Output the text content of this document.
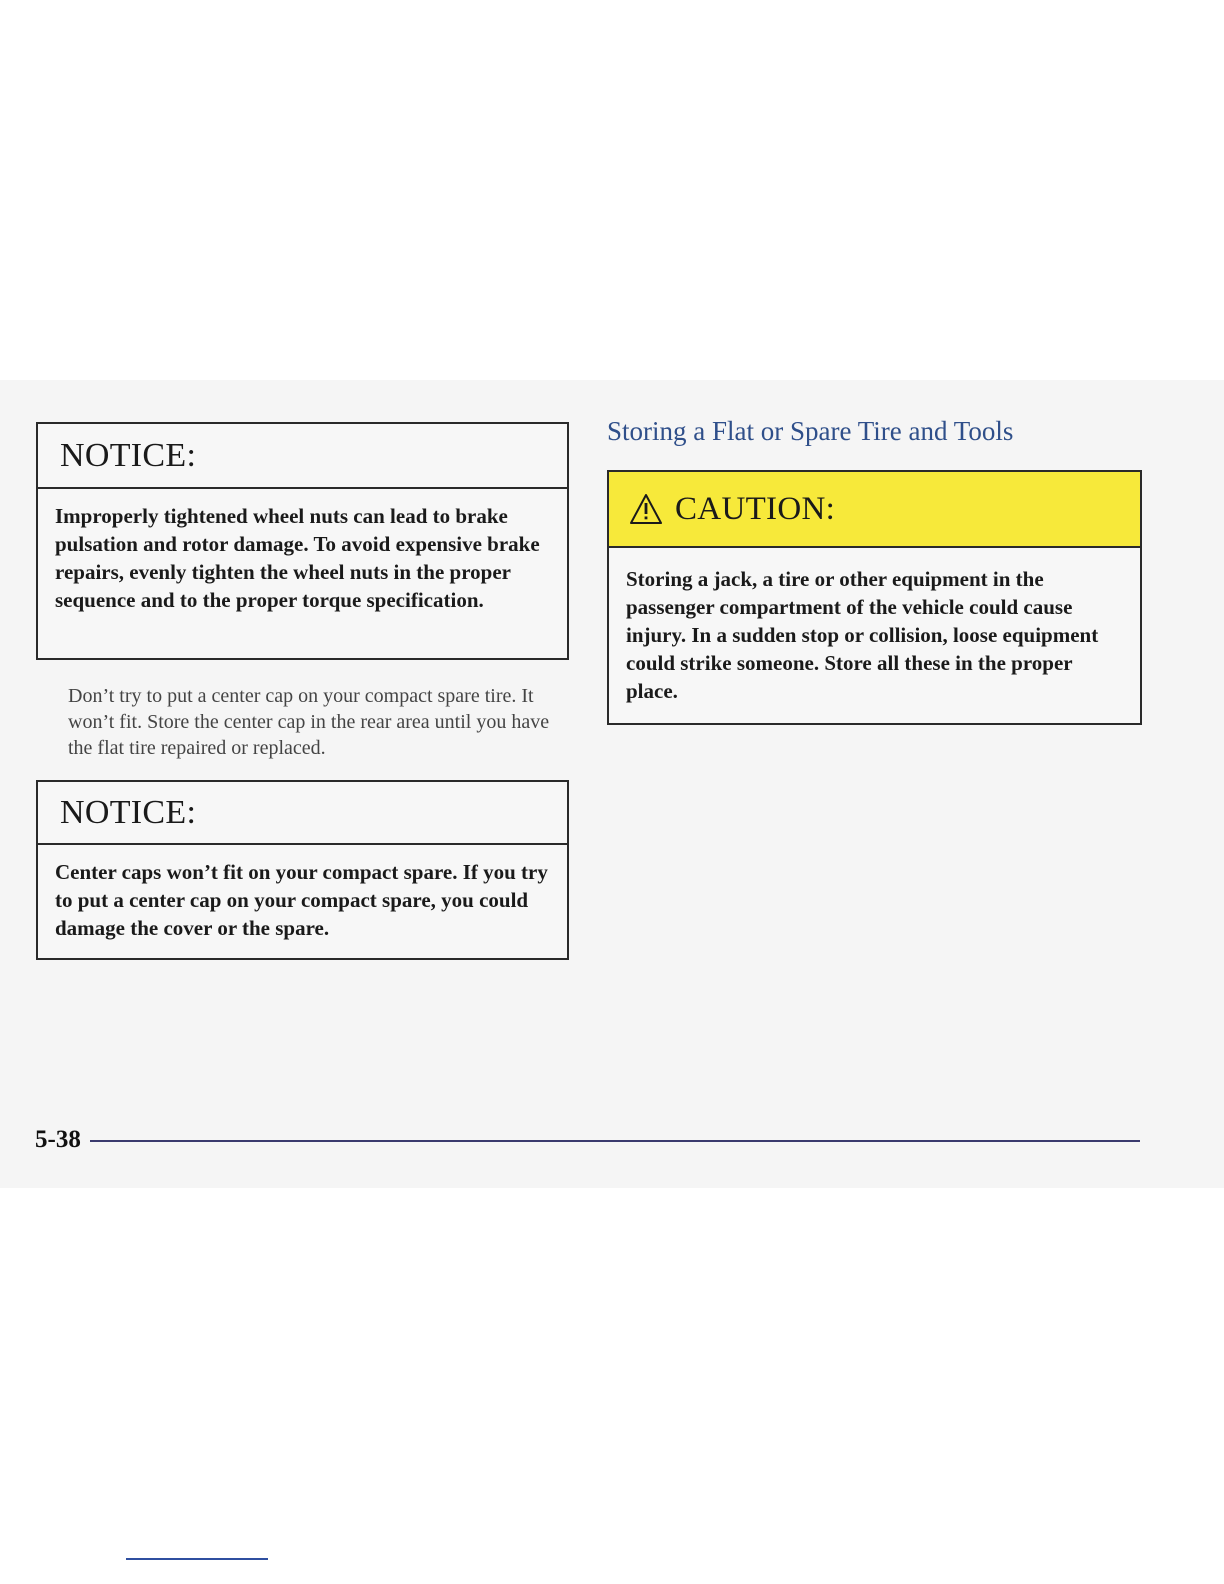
NOTICE:
Improperly tightened wheel nuts can lead to brake pulsation and rotor damage. To avoid expensive brake repairs, evenly tighten the wheel nuts in the proper sequence and to the proper torque specification.

Don’t try to put a center cap on your compact spare tire. It won’t fit. Store the center cap in the rear area until you have the flat tire repaired or replaced.

NOTICE:
Center caps won’t fit on your compact spare. If you try to put a center cap on your compact spare, you could damage the cover or the spare.
Storing a Flat or Spare Tire and Tools
CAUTION:
Storing a jack, a tire or other equipment in the passenger compartment of the vehicle could cause injury. In a sudden stop or collision, loose equipment could strike someone. Store all these in the proper place.
5-38
